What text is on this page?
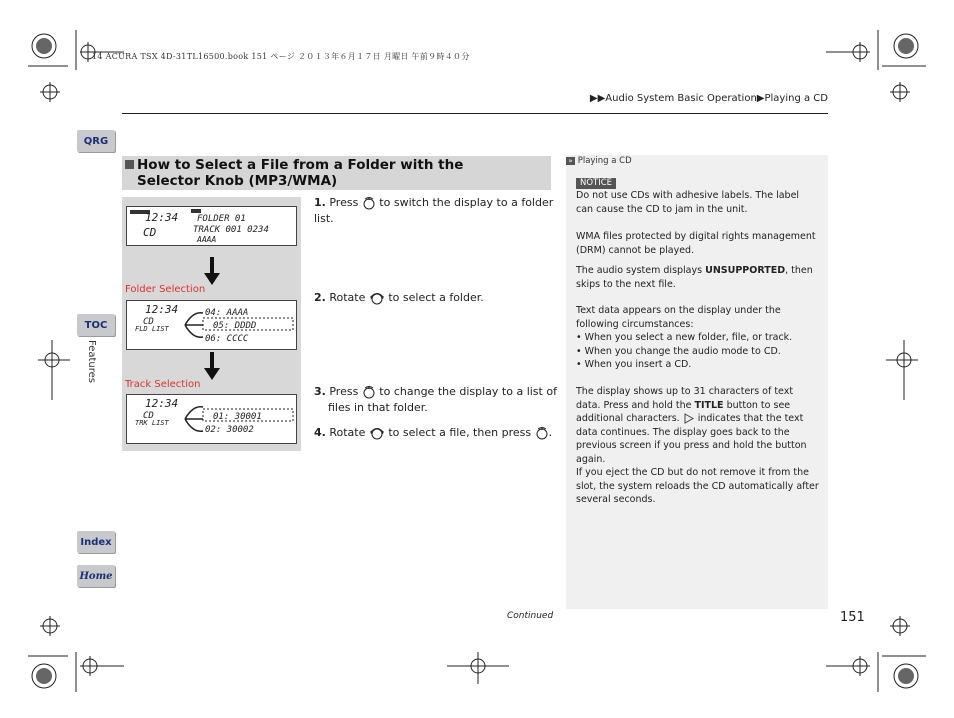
14 ACURA TSX 4D-31TL16500.book 151 ページ ２０１３年６月１７日 月曜日 午前９時４０分
▶▶Audio System Basic Operation▶Playing a CD
QRG
TOC
Features
Index
Home
How to Select a File from a Folder with the
Selector Knob (MP3/WMA)
12:34
CD
FOLDER 01
TRACK 001 0234
AAAA
Folder Selection
12:34
CD
FLD LIST
04: AAAA
05: DDDD
06: CCCC
Track Selection
12:34
CD
TRK LIST
01: 30001
02: 30002
1. Press to switch the display to a folder list.
2. Rotate to select a folder.
3. Press to change the display to a list of files in that folder.
4. Rotate to select a file, then press .
» Playing a CD
NOTICE
Do not use CDs with adhesive labels. The label can cause the CD to jam in the unit.
WMA files protected by digital rights management (DRM) cannot be played.
The audio system displays UNSUPPORTED, then skips to the next file.
Text data appears on the display under the following circumstances:
• When you select a new folder, file, or track.
• When you change the audio mode to CD.
• When you insert a CD.
The display shows up to 31 characters of text data. Press and hold the TITLE button to see additional characters. indicates that the text data continues. The display goes back to the previous screen if you press and hold the button again.
If you eject the CD but do not remove it from the slot, the system reloads the CD automatically after several seconds.
Continued	151
